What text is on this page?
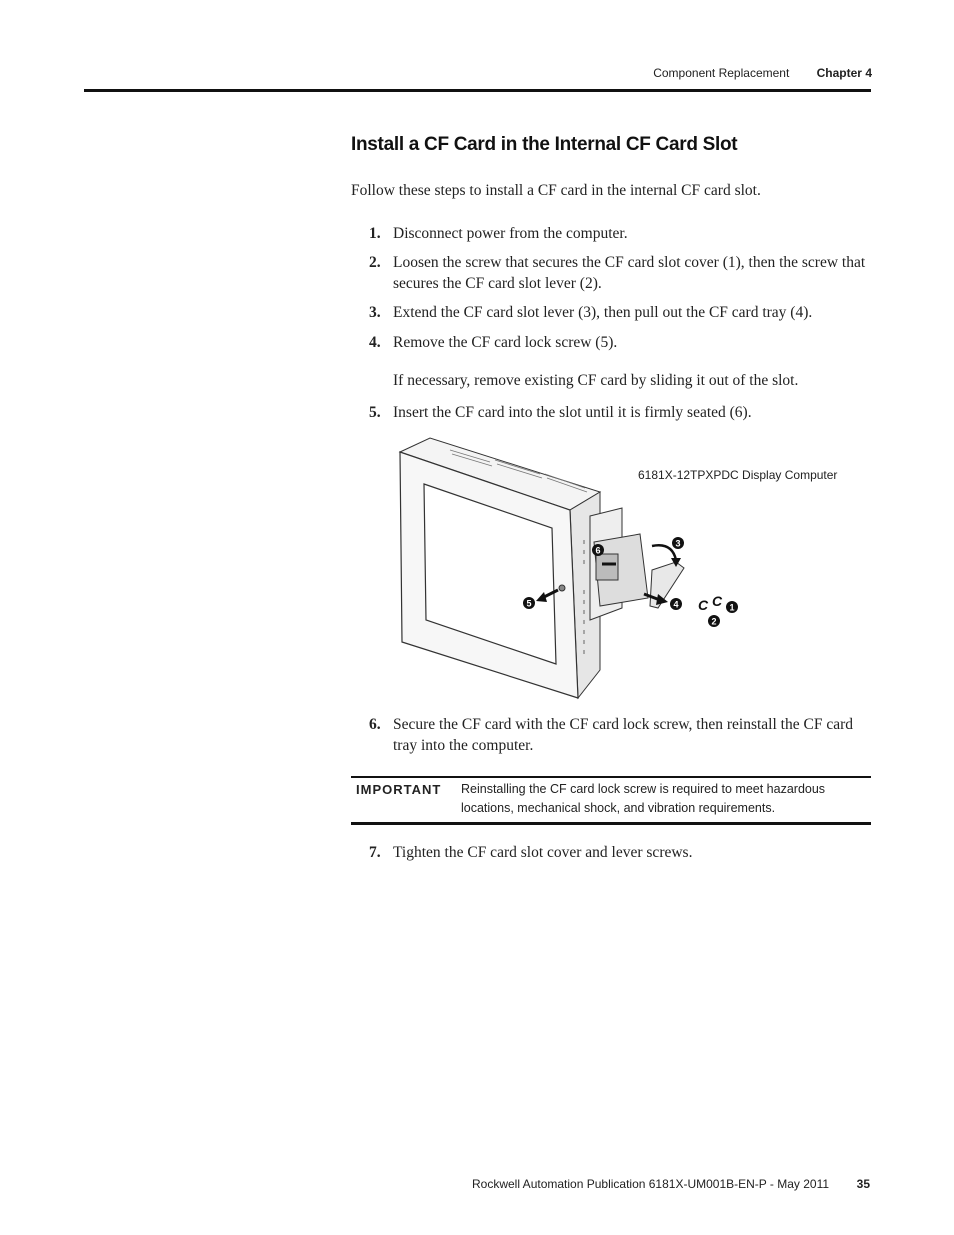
Component Replacement Chapter 4
Install a CF Card in the Internal CF Card Slot
Follow these steps to install a CF card in the internal CF card slot.
1. Disconnect power from the computer.
2. Loosen the screw that secures the CF card slot cover (1), then the screw that secures the CF card slot lever (2).
3. Extend the CF card slot lever (3), then pull out the CF card tray (4).
4. Remove the CF card lock screw (5).
If necessary, remove existing CF card by sliding it out of the slot.
5. Insert the CF card into the slot until it is firmly seated (6).
6181X-12TPXPDC Display Computer
C C
6
3
5	4	1
2
6. Secure the CF card with the CF card lock screw, then reinstall the CF card tray into the computer.
IMPORTANT Reinstalling the CF card lock screw is required to meet hazardous locations, mechanical shock, and vibration requirements.
7. Tighten the CF card slot cover and lever screws.
Rockwell Automation Publication 6181X-UM001B-EN-P - May 2011 35
